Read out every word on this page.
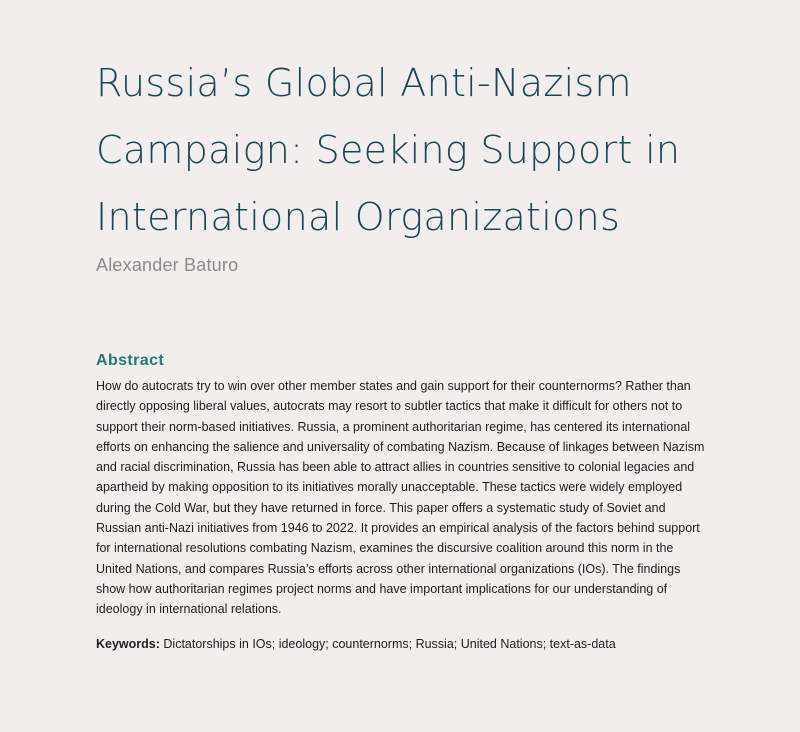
Russia’s Global Anti-Nazism Campaign: Seeking Support in International Organizations
Alexander Baturo
Abstract

How do autocrats try to win over other member states and gain support for their counternorms? Rather than directly opposing liberal values, autocrats may resort to subtler tactics that make it difficult for others not to support their norm-based initiatives. Russia, a prominent authoritarian regime, has centered its international efforts on enhancing the salience and universality of combating Nazism. Because of linkages between Nazism and racial discrimination, Russia has been able to attract allies in countries sensitive to colonial legacies and apartheid by making opposition to its initiatives morally unacceptable. These tactics were widely employed during the Cold War, but they have returned in force. This paper offers a systematic study of Soviet and Russian anti-Nazi initiatives from 1946 to 2022. It provides an empirical analysis of the factors behind support for international resolutions combating Nazism, examines the discursive coalition around this norm in the United Nations, and compares Russia’s efforts across other international organizations (IOs). The findings show how authoritarian regimes project norms and have important implications for our understanding of ideology in international relations.

Keywords: Dictatorships in IOs; ideology; counternorms; Russia; United Nations; text-as-data
